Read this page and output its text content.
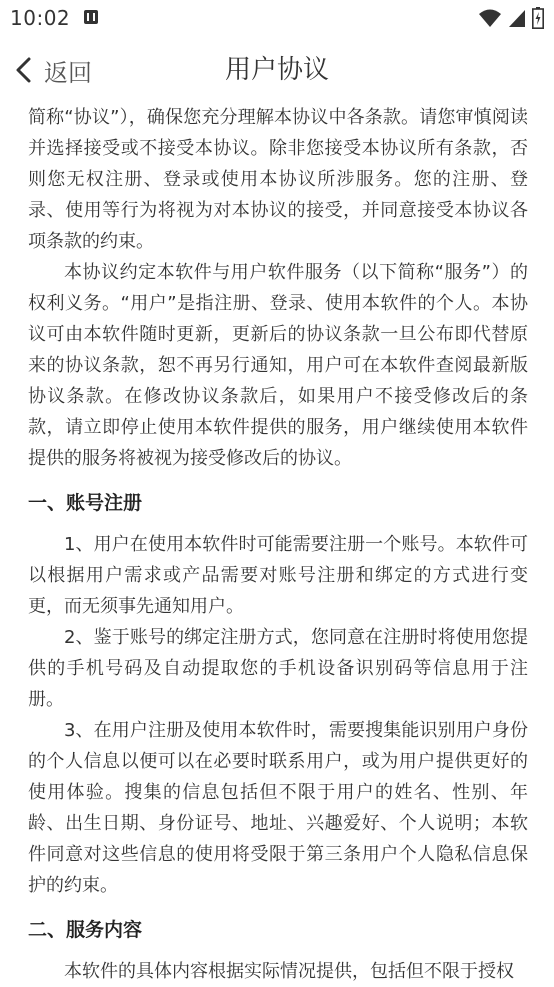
10:02
返回	用户协议

简称“协议”），确保您充分理解本协议中各条款。请您审慎阅读并选择接受或不接受本协议。除非您接受本协议所有条款，否则您无权注册、登录或使用本协议所涉服务。您的注册、登录、使用等行为将视为对本协议的接受，并同意接受本协议各项条款的约束。

本协议约定本软件与用户软件服务（以下简称“服务”）的权利义务。“用户”是指注册、登录、使用本软件的个人。本协议可由本软件随时更新，更新后的协议条款一旦公布即代替原来的协议条款，恕不再另行通知，用户可在本软件查阅最新版协议条款。在修改协议条款后，如果用户不接受修改后的条款，请立即停止使用本软件提供的服务，用户继续使用本软件提供的服务将被视为接受修改后的协议。

一、账号注册

1、用户在使用本软件时可能需要注册一个账号。本软件可以根据用户需求或产品需要对账号注册和绑定的方式进行变更，而无须事先通知用户。

2、鉴于账号的绑定注册方式，您同意在注册时将使用您提供的手机号码及自动提取您的手机设备识别码等信息用于注册。

3、在用户注册及使用本软件时，需要搜集能识别用户身份的个人信息以便可以在必要时联系用户，或为用户提供更好的使用体验。搜集的信息包括但不限于用户的姓名、性别、年龄、出生日期、身份证号、地址、兴趣爱好、个人说明；本软件同意对这些信息的使用将受限于第三条用户个人隐私信息保护的约束。

二、服务内容

本软件的具体内容根据实际情况提供，包括但不限于授权
